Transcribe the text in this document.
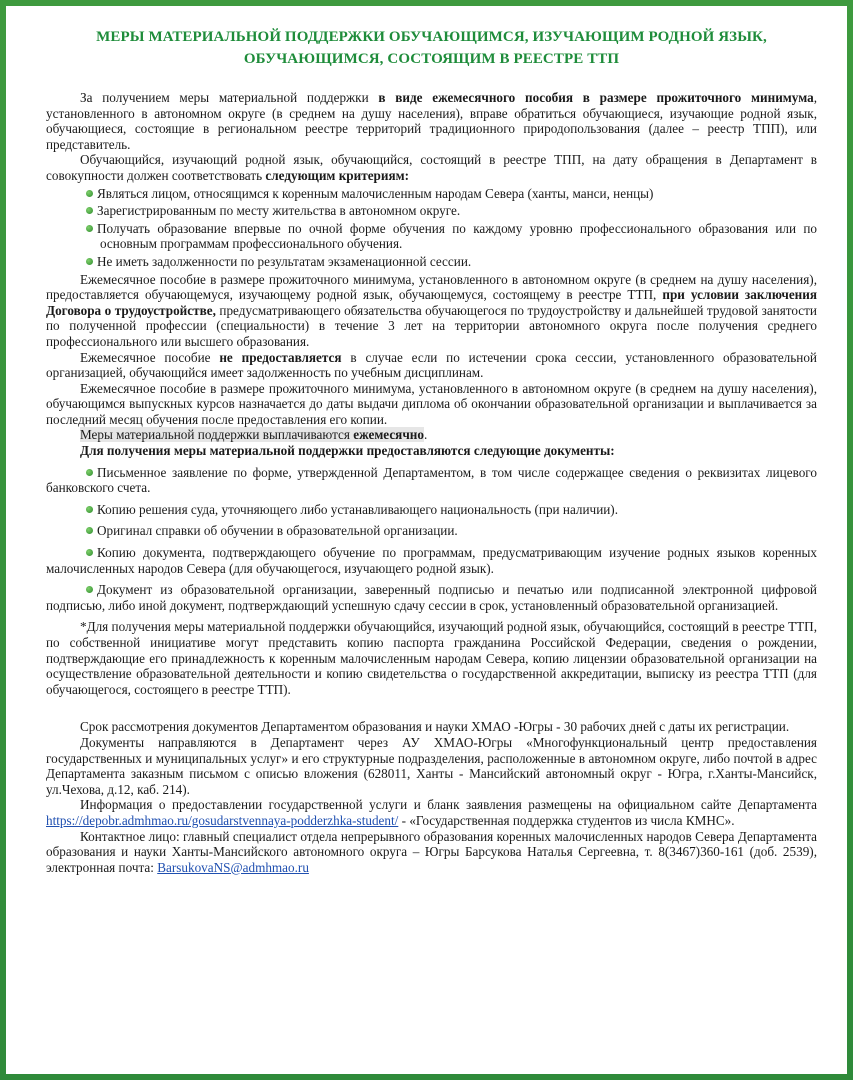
МЕРЫ МАТЕРИАЛЬНОЙ ПОДДЕРЖКИ ОБУЧАЮЩИМСЯ, ИЗУЧАЮЩИМ РОДНОЙ ЯЗЫК, ОБУЧАЮЩИМСЯ, СОСТОЯЩИМ В РЕЕСТРЕ ТТП

За получением меры материальной поддержки в виде ежемесячного пособия в размере прожиточного минимума, установленного в автономном округе (в среднем на душу населения), вправе обратиться обучающиеся, изучающие родной язык, обучающиеся, состоящие в региональном реестре территорий традиционного природопользования (далее – реестр ТПП), или представитель.

Обучающийся, изучающий родной язык, обучающийся, состоящий в реестре ТПП, на дату обращения в Департамент в совокупности должен соответствовать следующим критериям:

Являться лицом, относящимся к коренным малочисленным народам Севера (ханты, манси, ненцы)

Зарегистрированным по месту жительства в автономном округе.

Получать образование впервые по очной форме обучения по каждому уровню профессионального образования или по основным программам профессионального обучения.

Не иметь задолженности по результатам экзаменационной сессии.

Ежемесячное пособие в размере прожиточного минимума, установленного в автономном округе (в среднем на душу населения), предоставляется обучающемуся, изучающему родной язык, обучающемуся, состоящему в реестре ТТП, при условии заключения Договора о трудоустройстве, предусматривающего обязательства обучающегося по трудоустройству и дальнейшей трудовой занятости по полученной профессии (специальности) в течение 3 лет на территории автономного округа после получения среднего профессионального или высшего образования.

Ежемесячное пособие не предоставляется в случае если по истечении срока сессии, установленного образовательной организацией, обучающийся имеет задолженность по учебным дисциплинам.

Ежемесячное пособие в размере прожиточного минимума, установленного в автономном округе (в среднем на душу населения), обучающимся выпускных курсов назначается до даты выдачи диплома об окончании образовательной организации и выплачивается за последний месяц обучения после предоставления его копии.

Меры материальной поддержки выплачиваются ежемесячно.

Для получения меры материальной поддержки предоставляются следующие документы:

Письменное заявление по форме, утвержденной Департаментом, в том числе содержащее сведения о реквизитах лицевого банковского счета.

Копию решения суда, уточняющего либо устанавливающего национальность (при наличии).

Оригинал справки об обучении в образовательной организации.

Копию документа, подтверждающего обучение по программам, предусматривающим изучение родных языков коренных малочисленных народов Севера (для обучающегося, изучающего родной язык).

Документ из образовательной организации, заверенный подписью и печатью или подписанной электронной цифровой подписью, либо иной документ, подтверждающий успешную сдачу сессии в срок, установленный образовательной организацией.

*Для получения меры материальной поддержки обучающийся, изучающий родной язык, обучающийся, состоящий в реестре ТТП, по собственной инициативе могут представить копию паспорта гражданина Российской Федерации, сведения о рождении, подтверждающие его принадлежность к коренным малочисленным народам Севера, копию лицензии образовательной организации на осуществление образовательной деятельности и копию свидетельства о государственной аккредитации, выписку из реестра ТТП (для обучающегося, состоящего в реестре ТТП).

Срок рассмотрения документов Департаментом образования и науки ХМАО -Югры - 30 рабочих дней с даты их регистрации.

Документы направляются в Департамент через АУ ХМАО-Югры «Многофункциональный центр предоставления государственных и муниципальных услуг» и его структурные подразделения, расположенные в автономном округе, либо почтой в адрес Департамента заказным письмом с описью вложения (628011, Ханты - Мансийский автономный округ - Югра, г.Ханты-Мансийск, ул.Чехова, д.12, каб. 214).

Информация о предоставлении государственной услуги и бланк заявления размещены на официальном сайте Департамента https://depobr.admhmao.ru/gosudarstvennaya-podderzhka-student/ - «Государственная поддержка студентов из числа КМНС».

Контактное лицо: главный специалист отдела непрерывного образования коренных малочисленных народов Севера Департамента образования и науки Ханты-Мансийского автономного округа – Югры Барсукова Наталья Сергеевна, т. 8(3467)360-161 (доб. 2539), электронная почта: BarsukovaNS@admhmao.ru
